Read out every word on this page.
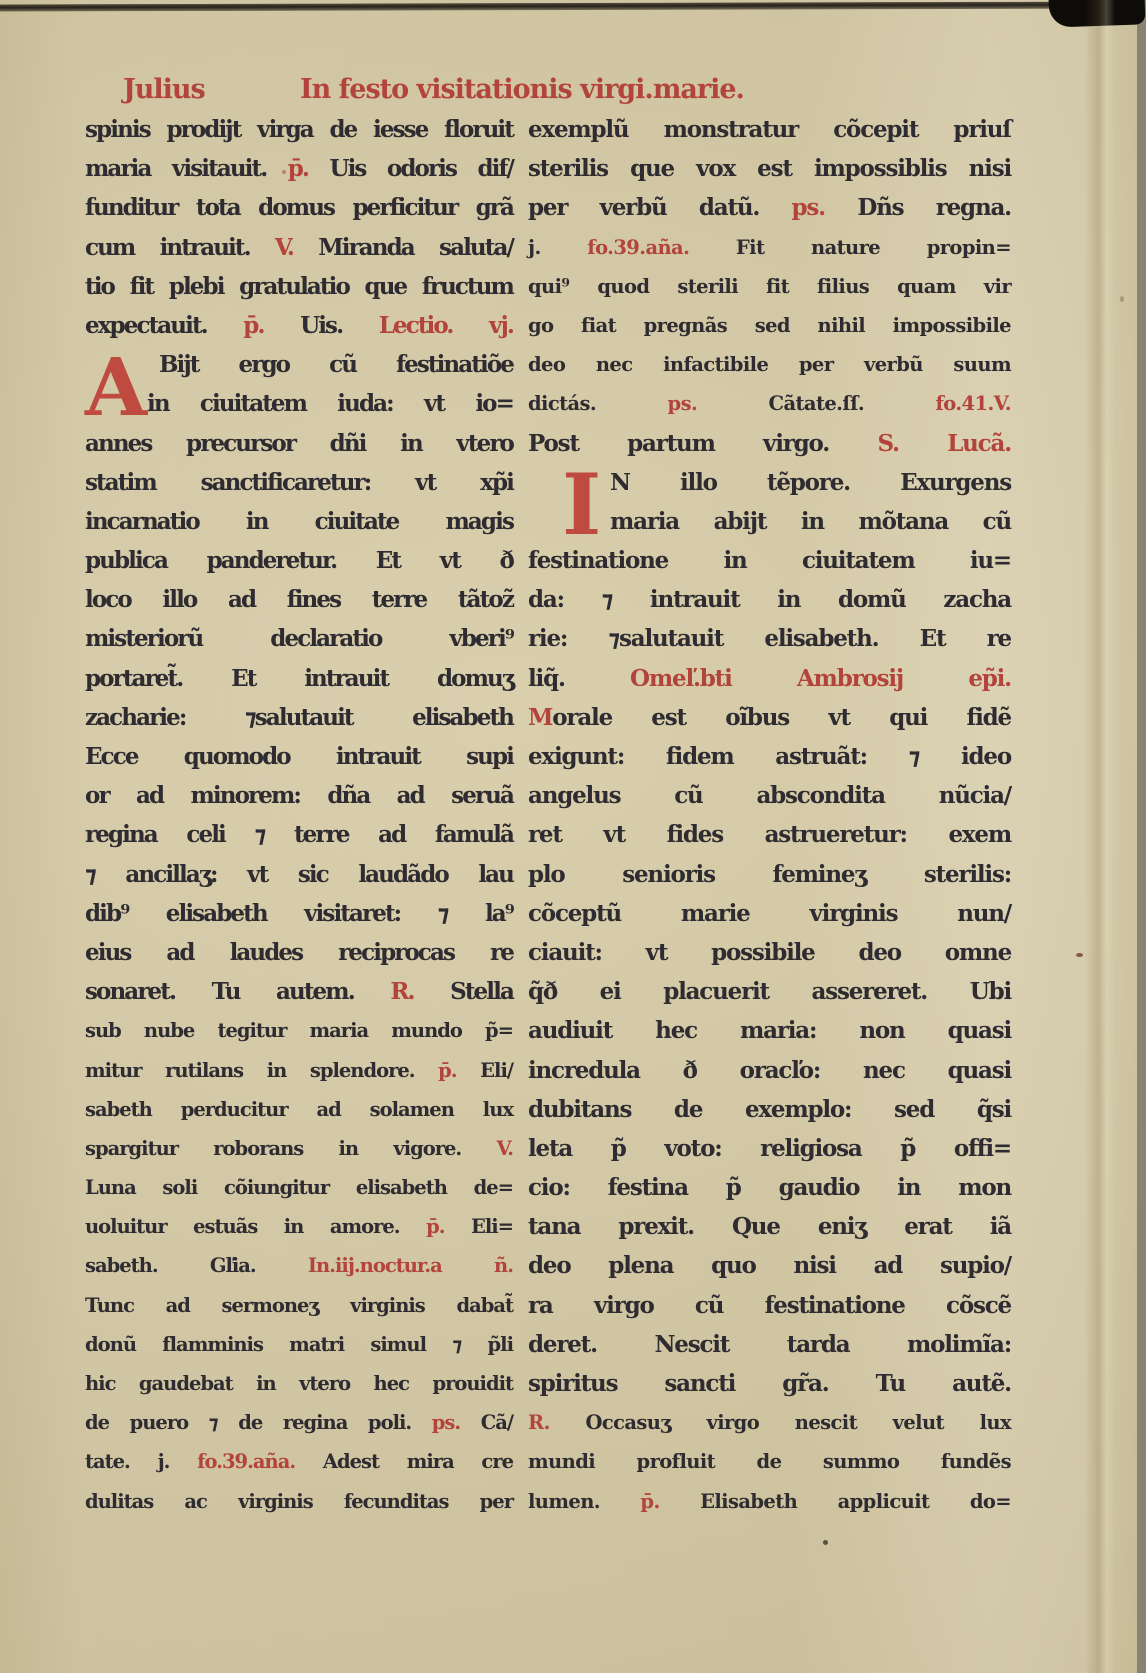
Julius	In festo visitationis virgi.marie.
spinis prodijt virga de iesse floruit
maria visitauit. p̄. Uis odoris dif/
funditur tota domus perficitur grã
cum intrauit. V. Miranda saluta/
tio fit plebi gratulatio que fructum
expectauit. p̄. Uis. Lectio. vj.
A Bijt ergo cũ festinatiõe
in ciuitatem iuda: vt io=
annes precursor dñi in vtero
statim sanctificaretur: vt xp̃i
incarnatio in ciuitate magis
publica panderetur. Et vt ð
loco illo ad fines terre tãtoz̃
misteriorũ declaratio vberi⁹
portaret̃. Et intrauit domuʒ
zacharie: ⁊salutauit elisabeth
Ecce quomodo intrauit supi
or ad minorem: dña ad seruã
regina celi ⁊ terre ad famulã
⁊ ancillaʒ: vt sic laudãdo lau
dib⁹ elisabeth visitaret: ⁊ la⁹
eius ad laudes reciprocas re
sonaret. Tu autem. R. Stella
sub nube tegitur maria mundo p̃=
mitur rutilans in splendore. p̄. Eli/
sabeth perducitur ad solamen lux
spargitur roborans in vigore. V.
Luna soli cõiungitur elisabeth de=
uoluitur estuãs in amore. p̄. Eli=
sabeth. Gľia. In.iij.noctur.a ñ.
Tunc ad sermoneʒ virginis dabat̃
donũ flamminis matri simul ⁊ p̃li
hic gaudebat in vtero hec prouidit
de puero ⁊ de regina poli. ps. Cã/
tate. j. fo.39.aña. Adest mira cre
dulitas ac virginis fecunditas per
exemplũ monstratur cõcepit priuſ
sterilis que vox est impossiblis nisi
per verbũ datũ. ps. Dñs regna.
j. fo.39.aña. Fit nature propin=
qui⁹ quod sterili fit filius quam vir
go fiat pregnãs sed nihil impossibile
deo nec infactibile per verbũ suum
dictás. ps. Cãtate.ſſ. fo.41.V.
Post partum virgo. S. Lucã.
I N illo tẽpore. Exurgens
maria abijt in mõtana cũ
festinatione in ciuitatem iu=
da: ⁊ intrauit in domũ zacha
rie: ⁊salutauit elisabeth. Et re
liq̃. Omeľ.bti Ambrosij ep̃i.
Morale est oĩbus vt qui fidẽ
exigunt: fidem astruãt: ⁊ ideo
angelus cũ abscondita nũcia/
ret vt fides astrueretur: exem
plo senioris femineʒ sterilis:
cõceptũ marie virginis nun/
ciauit: vt possibile deo omne
q̃ð ei placuerit assereret. Ubi
audiuit hec maria: non quasi
incredula ð oracľo: nec quasi
dubitans de exemplo: sed q̃si
leta p̃ voto: religiosa p̃ offi=
cio: festina p̃ gaudio in mon
tana prexit. Que eniʒ erat iã
deo plena quo nisi ad supio/
ra virgo cũ festinatione cõscẽ
deret. Nescit tarda molimĩa:
spiritus sancti gr̃a. Tu autẽ.
R. Occasuʒ virgo nescit velut lux
mundi profluit de summo fundẽs
lumen. p̄. Elisabeth applicuit do=
